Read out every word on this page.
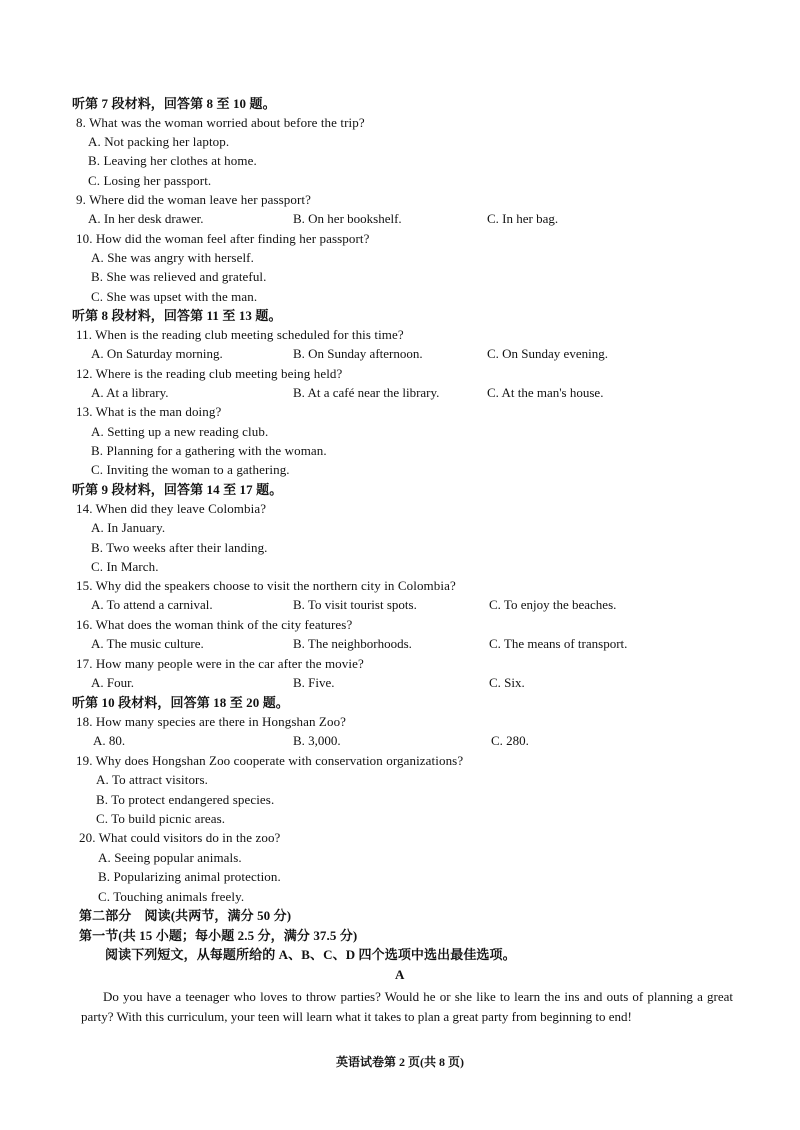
听第 7 段材料，回答第 8 至 10 题。
8. What was the woman worried about before the trip?
A. Not packing her laptop.
B. Leaving her clothes at home.
C. Losing her passport.
9. Where did the woman leave her passport?
A. In her desk drawer.	B. On her bookshelf.	C. In her bag.
10. How did the woman feel after finding her passport?
A. She was angry with herself.
B. She was relieved and grateful.
C. She was upset with the man.
听第 8 段材料，回答第 11 至 13 题。
11. When is the reading club meeting scheduled for this time?
A. On Saturday morning.	B. On Sunday afternoon.	C. On Sunday evening.
12. Where is the reading club meeting being held?
A. At a library.	B. At a café near the library.	C. At the man's house.
13. What is the man doing?
A. Setting up a new reading club.
B. Planning for a gathering with the woman.
C. Inviting the woman to a gathering.
听第 9 段材料，回答第 14 至 17 题。
14. When did they leave Colombia?
A. In January.
B. Two weeks after their landing.
C. In March.
15. Why did the speakers choose to visit the northern city in Colombia?
A. To attend a carnival.	B. To visit tourist spots.	C. To enjoy the beaches.
16. What does the woman think of the city features?
A. The music culture.	B. The neighborhoods.	C. The means of transport.
17. How many people were in the car after the movie?
A. Four.	B. Five.	C. Six.
听第 10 段材料，回答第 18 至 20 题。
18. How many species are there in Hongshan Zoo?
A. 80.	B. 3,000.	C. 280.
19. Why does Hongshan Zoo cooperate with conservation organizations?
A. To attract visitors.
B. To protect endangered species.
C. To build picnic areas.
20. What could visitors do in the zoo?
A. Seeing popular animals.
B. Popularizing animal protection.
C. Touching animals freely.
第二部分　阅读(共两节，满分 50 分)
第一节(共 15 小题；每小题 2.5 分，满分 37.5 分)
阅读下列短文，从每题所给的 A、B、C、D 四个选项中选出最佳选项。
A
Do you have a teenager who loves to throw parties? Would he or she like to learn the ins and outs of planning a great party? With this curriculum, your teen will learn what it takes to plan a great party from beginning to end!
英语试卷第 2 页(共 8 页)
